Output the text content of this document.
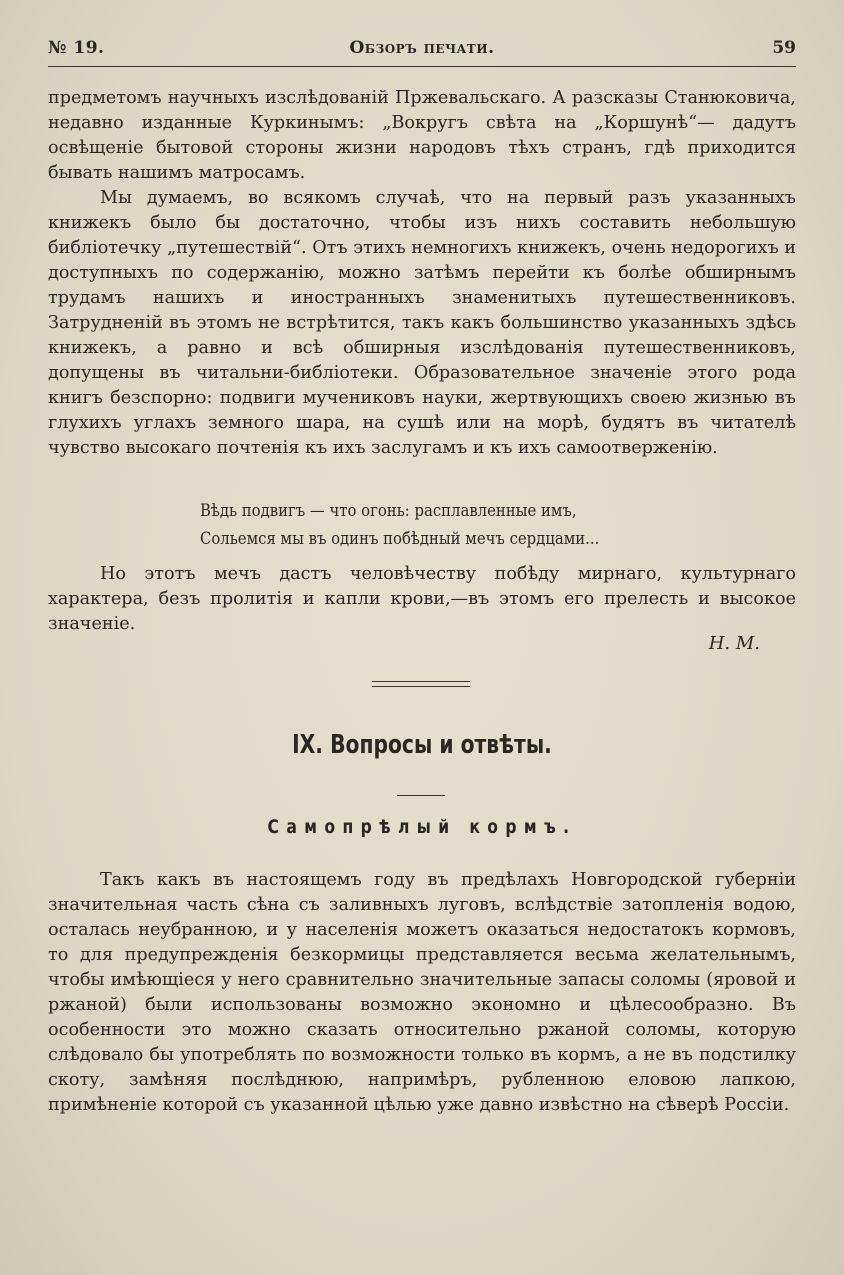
№ 19.	Обзоръ печати.	59

предметомъ научныхъ изслѣдованій Пржевальскаго. А разсказы Станюковича, недавно изданные Куркинымъ: „Вокругъ свѣта на „Коршунѣ“— дадутъ освѣщеніе бытовой стороны жизни народовъ тѣхъ странъ, гдѣ приходится бывать нашимъ матросамъ.

Мы думаемъ, во всякомъ случаѣ, что на первый разъ указанныхъ книжекъ было бы достаточно, чтобы изъ нихъ составить небольшую библіотечку „путешествій“. Отъ этихъ немногихъ книжекъ, очень недорогихъ и доступныхъ по содержанію, можно затѣмъ перейти къ болѣе обширнымъ трудамъ нашихъ и иностранныхъ знаменитыхъ путешественниковъ. Затрудненій въ этомъ не встрѣтится, такъ какъ большинство указанныхъ здѣсь книжекъ, а равно и всѣ обширныя изслѣдованія путешественниковъ, допущены въ читальни-библіотеки. Образовательное значеніе этого рода книгъ безспорно: подвиги мучениковъ науки, жертвующихъ своею жизнью въ глухихъ углахъ земного шара, на сушѣ или на морѣ, будятъ въ читателѣ чувство высокаго почтенія къ ихъ заслугамъ и къ ихъ самоотверженію.

Вѣдь подвигъ — что огонь: расплавленные имъ,
Сольемся мы въ одинъ побѣдный мечъ сердцами...

Но этотъ мечъ дастъ человѣчеству побѣду мирнаго, культурнаго характера, безъ пролитія и капли крови,—въ этомъ его прелесть и высокое значеніе.

Н. М.
IX. Вопросы и отвѣты.
Самопрѣлый кормъ.

Такъ какъ въ настоящемъ году въ предѣлахъ Новгородской губерніи значительная часть сѣна съ заливныхъ луговъ, вслѣдствіе затопленія водою, осталась неубранною, и у населенія можетъ оказаться недостатокъ кормовъ, то для предупрежденія безкормицы представляется весьма желательнымъ, чтобы имѣющіеся у него сравнительно значительные запасы соломы (яровой и ржаной) были использованы возможно экономно и цѣлесообразно. Въ особенности это можно сказать относительно ржаной соломы, которую слѣдовало бы употреблять по возможности только въ кормъ, а не въ подстилку скоту, замѣняя послѣднюю, напримѣръ, рубленною еловою лапкою, примѣненіе которой съ указанной цѣлью уже давно извѣстно на сѣверѣ Россіи.
